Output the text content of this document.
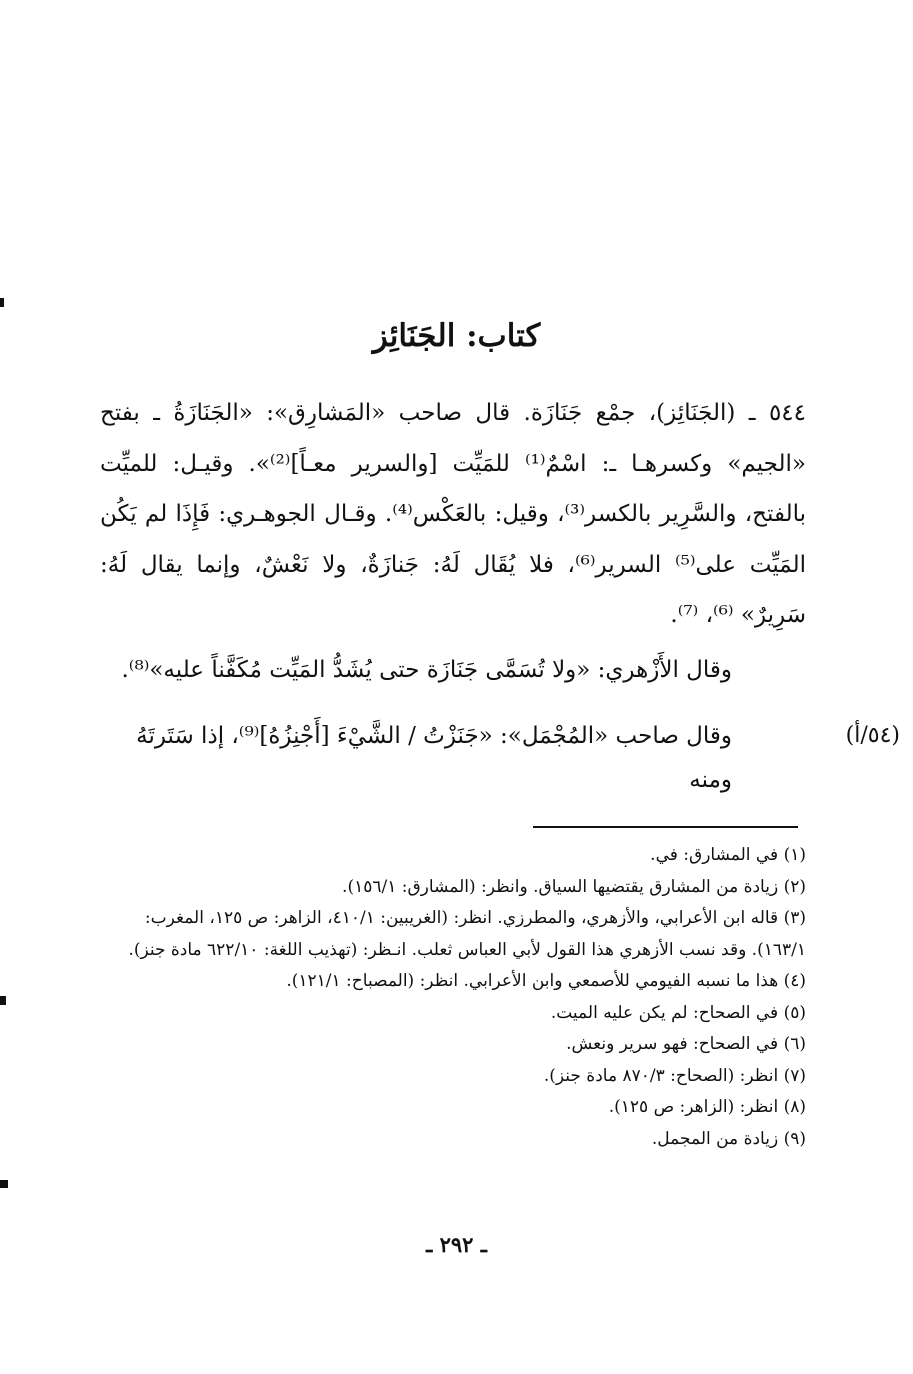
كتاب: الجَنَائِز

٥٤٤ ـ (الجَنَائِز)، جمْع جَنَازَة. قال صاحب «المَشارِق»: «الجَنَازَةُ ـ بفتح «الجيم» وكسرهـا ـ: اسْمٌ⁽¹⁾ للمَيِّت [والسرير معـاً]⁽²⁾». وقيـل: للميِّت بالفتح، والسَّرِير بالكسر⁽³⁾، وقيل: بالعَكْس⁽⁴⁾. وقـال الجوهـري: فَإِذَا لم يَكُن المَيِّت على⁽⁵⁾ السرير⁽⁶⁾، فلا يُقَال لَهُ: جَنازَةٌ، ولا نَعْشٌ، وإنما يقال لَهُ: سَرِيرٌ» ⁽⁶⁾، ⁽⁷⁾.

وقال الأَزْهري: «ولا تُسَمَّى جَنَازَة حتى يُشَدُّ المَيِّت مُكَفَّناً عليه»⁽⁸⁾.
وقال صاحب «المُجْمَل»: «جَنَزْتُ / الشَّيْءَ [أَجْنِزُهُ]⁽⁹⁾، إذا سَتَرتَهُ ومنه
(٥٤/أ)
(١) في المشارق: في.
(٢) زيادة من المشارق يقتضيها السياق. وانظر: (المشارق: ١٥٦/١).
(٣) قاله ابن الأعرابي، والأزهري، والمطرزي. انظر: (الغريبين: ٤١٠/١، الزاهر: ص ١٢٥، المغرب: ١٦٣/١). وقد نسب الأزهري هذا القول لأبي العباس ثعلب. انـظر: (تهذيب اللغة: ٦٢٢/١٠ مادة جنز).
(٤) هذا ما نسبه الفيومي للأصمعي وابن الأعرابي. انظر: (المصباح: ١٢١/١).
(٥) في الصحاح: لم يكن عليه الميت.
(٦) في الصحاح: فهو سرير ونعش.
(٧) انظر: (الصحاح: ٨٧٠/٣ مادة جنز).
(٨) انظر: (الزاهر: ص ١٢٥).
(٩) زيادة من المجمل.
ـ ٢٩٢ ـ
